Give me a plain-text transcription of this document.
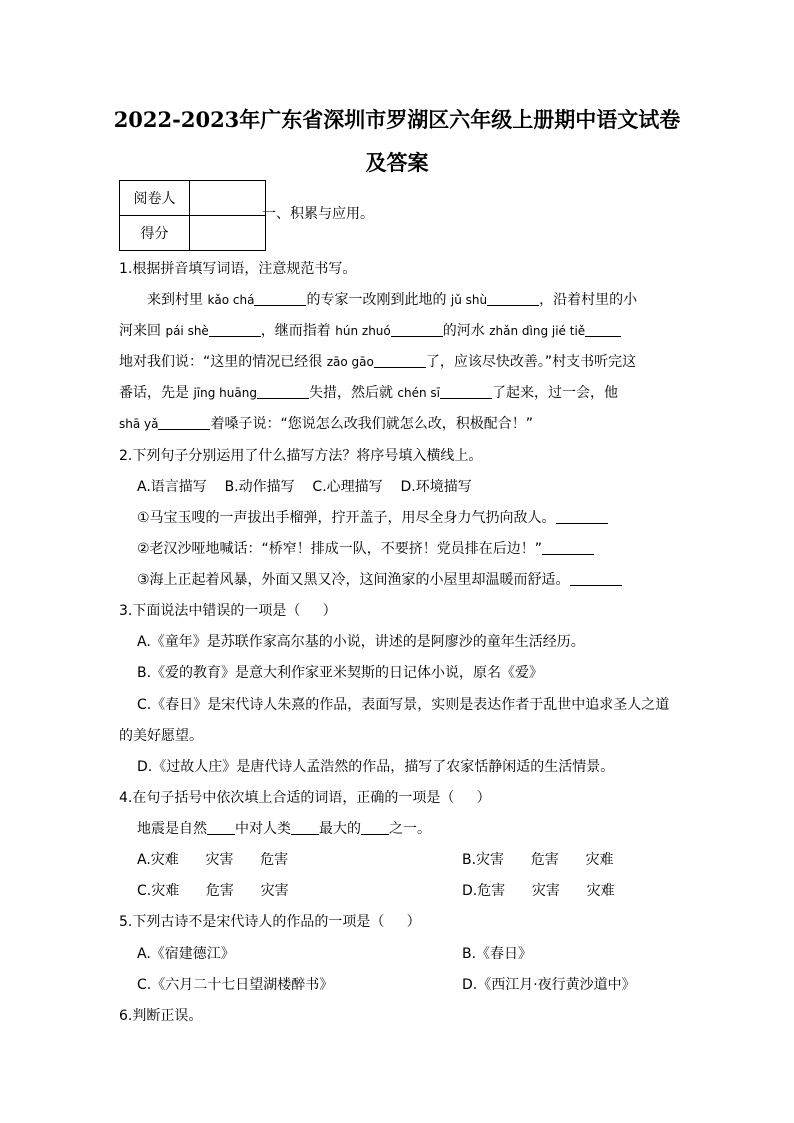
2022-2023年广东省深圳市罗湖区六年级上册期中语文试卷
及答案
阅卷人	
得分	
一、积累与应用。
1.根据拼音填写词语，注意规范书写。
来到村里 kǎo chá	的专家一改刚到此地的 jǔ shù	，沿着村里的小
河来回 pái shè	，继而指着 hún zhuó	的河水 zhǎn dìng jié tiě
地对我们说：“这里的情况已经很 zāo gāo	了，应该尽快改善。”村支书听完这
番话，先是 jīng huāng	失措，然后就 chén sī	了起来，过一会，他
shā yǎ	着嗓子说：“您说怎么改我们就怎么改，积极配合！”
2.下列句子分别运用了什么描写方法？将序号填入横线上。
A.语言描写    B.动作描写    C.心理描写    D.环境描写
①马宝玉嗖的一声拔出手榴弹，拧开盖子，用尽全身力气扔向敌人。
②老汉沙哑地喊话：“桥窄！排成一队，不要挤！党员排在后边！”
③海上正起着风暴，外面又黑又冷，这间渔家的小屋里却温暖而舒适。
3.下面说法中错误的一项是（     ）
A.《童年》是苏联作家高尔基的小说，讲述的是阿廖沙的童年生活经历。
B.《爱的教育》是意大利作家亚米契斯的日记体小说，原名《爱》
C.《春日》是宋代诗人朱熹的作品，表面写景，实则是表达作者于乱世中追求圣人之道
的美好愿望。
D.《过故人庄》是唐代诗人孟浩然的作品，描写了农家恬静闲适的生活情景。
4.在句子括号中依次填上合适的词语，正确的一项是（     ）
地震是自然 中对人类 最大的 之一。
A.灾难      灾害      危害	B.灾害      危害      灾难
C.灾难      危害      灾害	D.危害      灾害      灾难
5.下列古诗不是宋代诗人的作品的一项是（     ）
A.《宿建德江》	B.《春日》
C.《六月二十七日望湖楼醉书》	D.《西江月·夜行黄沙道中》
6.判断正误。
